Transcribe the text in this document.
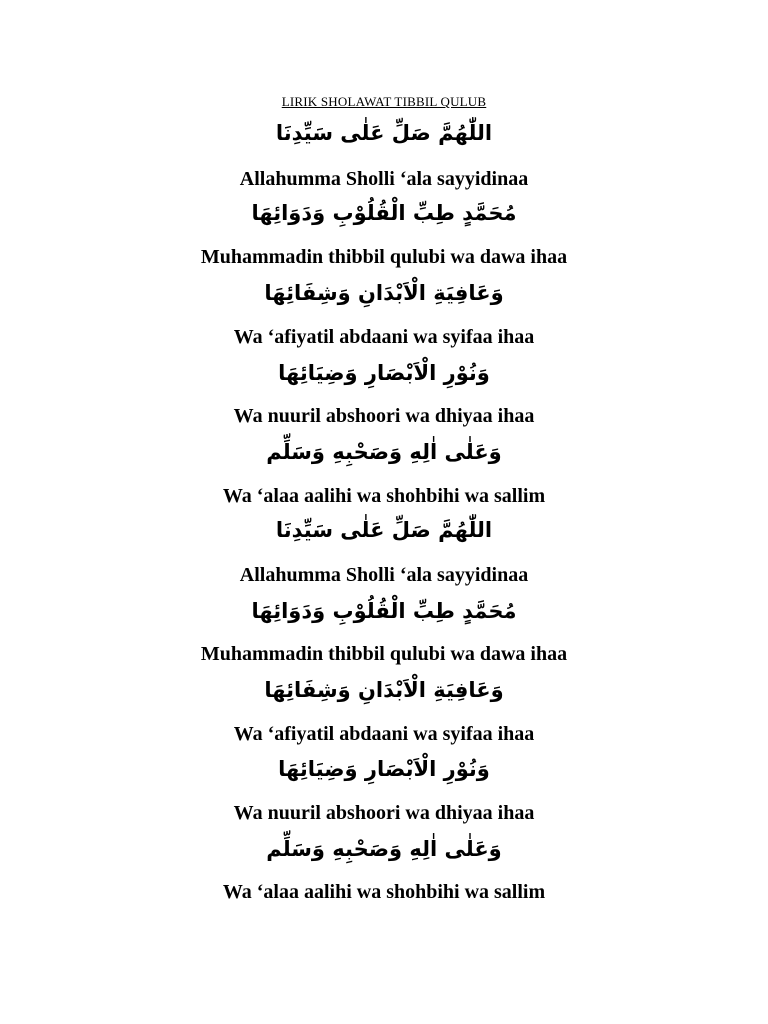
LIRIK SHOLAWAT TIBBIL QULUB
اللّٰهُمَّ صَلِّ عَلٰى سَيِّدِنَا
Allahumma Sholli ‘ala sayyidinaa
مُحَمَّدٍ طِبِّ الْقُلُوْبِ وَدَوَائِهَا
Muhammadin thibbil qulubi wa dawa ihaa
وَعَافِيَةِ الْاَبْدَانِ وَشِفَائِهَا
Wa ‘afiyatil abdaani wa syifaa ihaa
وَنُوْرِ الْاَبْصَارِ وَضِيَائِهَا
Wa nuuril abshoori wa dhiyaa ihaa
وَعَلٰى اٰلِهِ وَصَحْبِهِ وَسَلِّم
Wa ‘alaa aalihi wa shohbihi wa sallim
اللّٰهُمَّ صَلِّ عَلٰى سَيِّدِنَا
Allahumma Sholli ‘ala sayyidinaa
مُحَمَّدٍ طِبِّ الْقُلُوْبِ وَدَوَائِهَا
Muhammadin thibbil qulubi wa dawa ihaa
وَعَافِيَةِ الْاَبْدَانِ وَشِفَائِهَا
Wa ‘afiyatil abdaani wa syifaa ihaa
وَنُوْرِ الْاَبْصَارِ وَضِيَائِهَا
Wa nuuril abshoori wa dhiyaa ihaa
وَعَلٰى اٰلِهِ وَصَحْبِهِ وَسَلِّم
Wa ‘alaa aalihi wa shohbihi wa sallim
